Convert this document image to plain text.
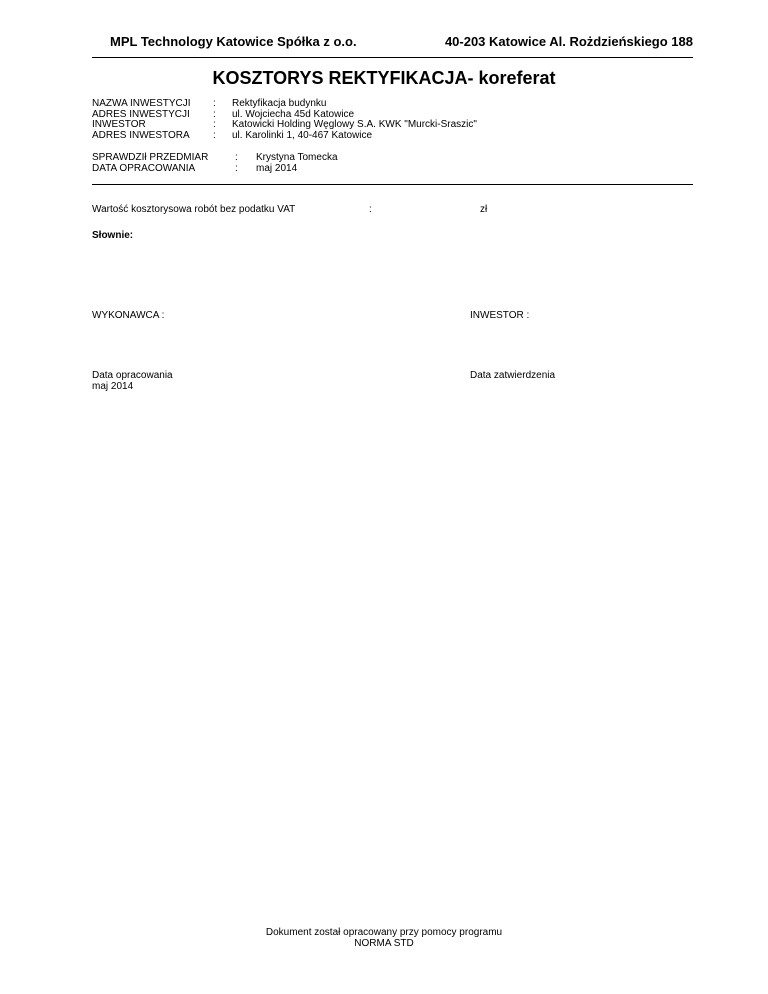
MPL Technology Katowice Spółka z o.o.	40-203 Katowice Al. Rożdzieńskiego 188
KOSZTORYS REKTYFIKACJA- koreferat
NAZWA INWESTYCJI : Rektyfikacja budynku
ADRES INWESTYCJI : ul. Wojciecha 45d Katowice
INWESTOR	: Katowicki Holding Węglowy S.A. KWK "Murcki-Sraszic"
ADRES INWESTORA : ul. Karolinki 1, 40-467 Katowice
SPRAWDZIł PRZEDMIAR	: Krystyna Tomecka
DATA OPRACOWANIA	: maj 2014
Wartość kosztorysowa robót bez podatku VAT	:	zł
Słownie:
WYKONAWCA :	INWESTOR :
Data opracowania
maj 2014
Data zatwierdzenia
Dokument został opracowany przy pomocy programu
NORMA STD
